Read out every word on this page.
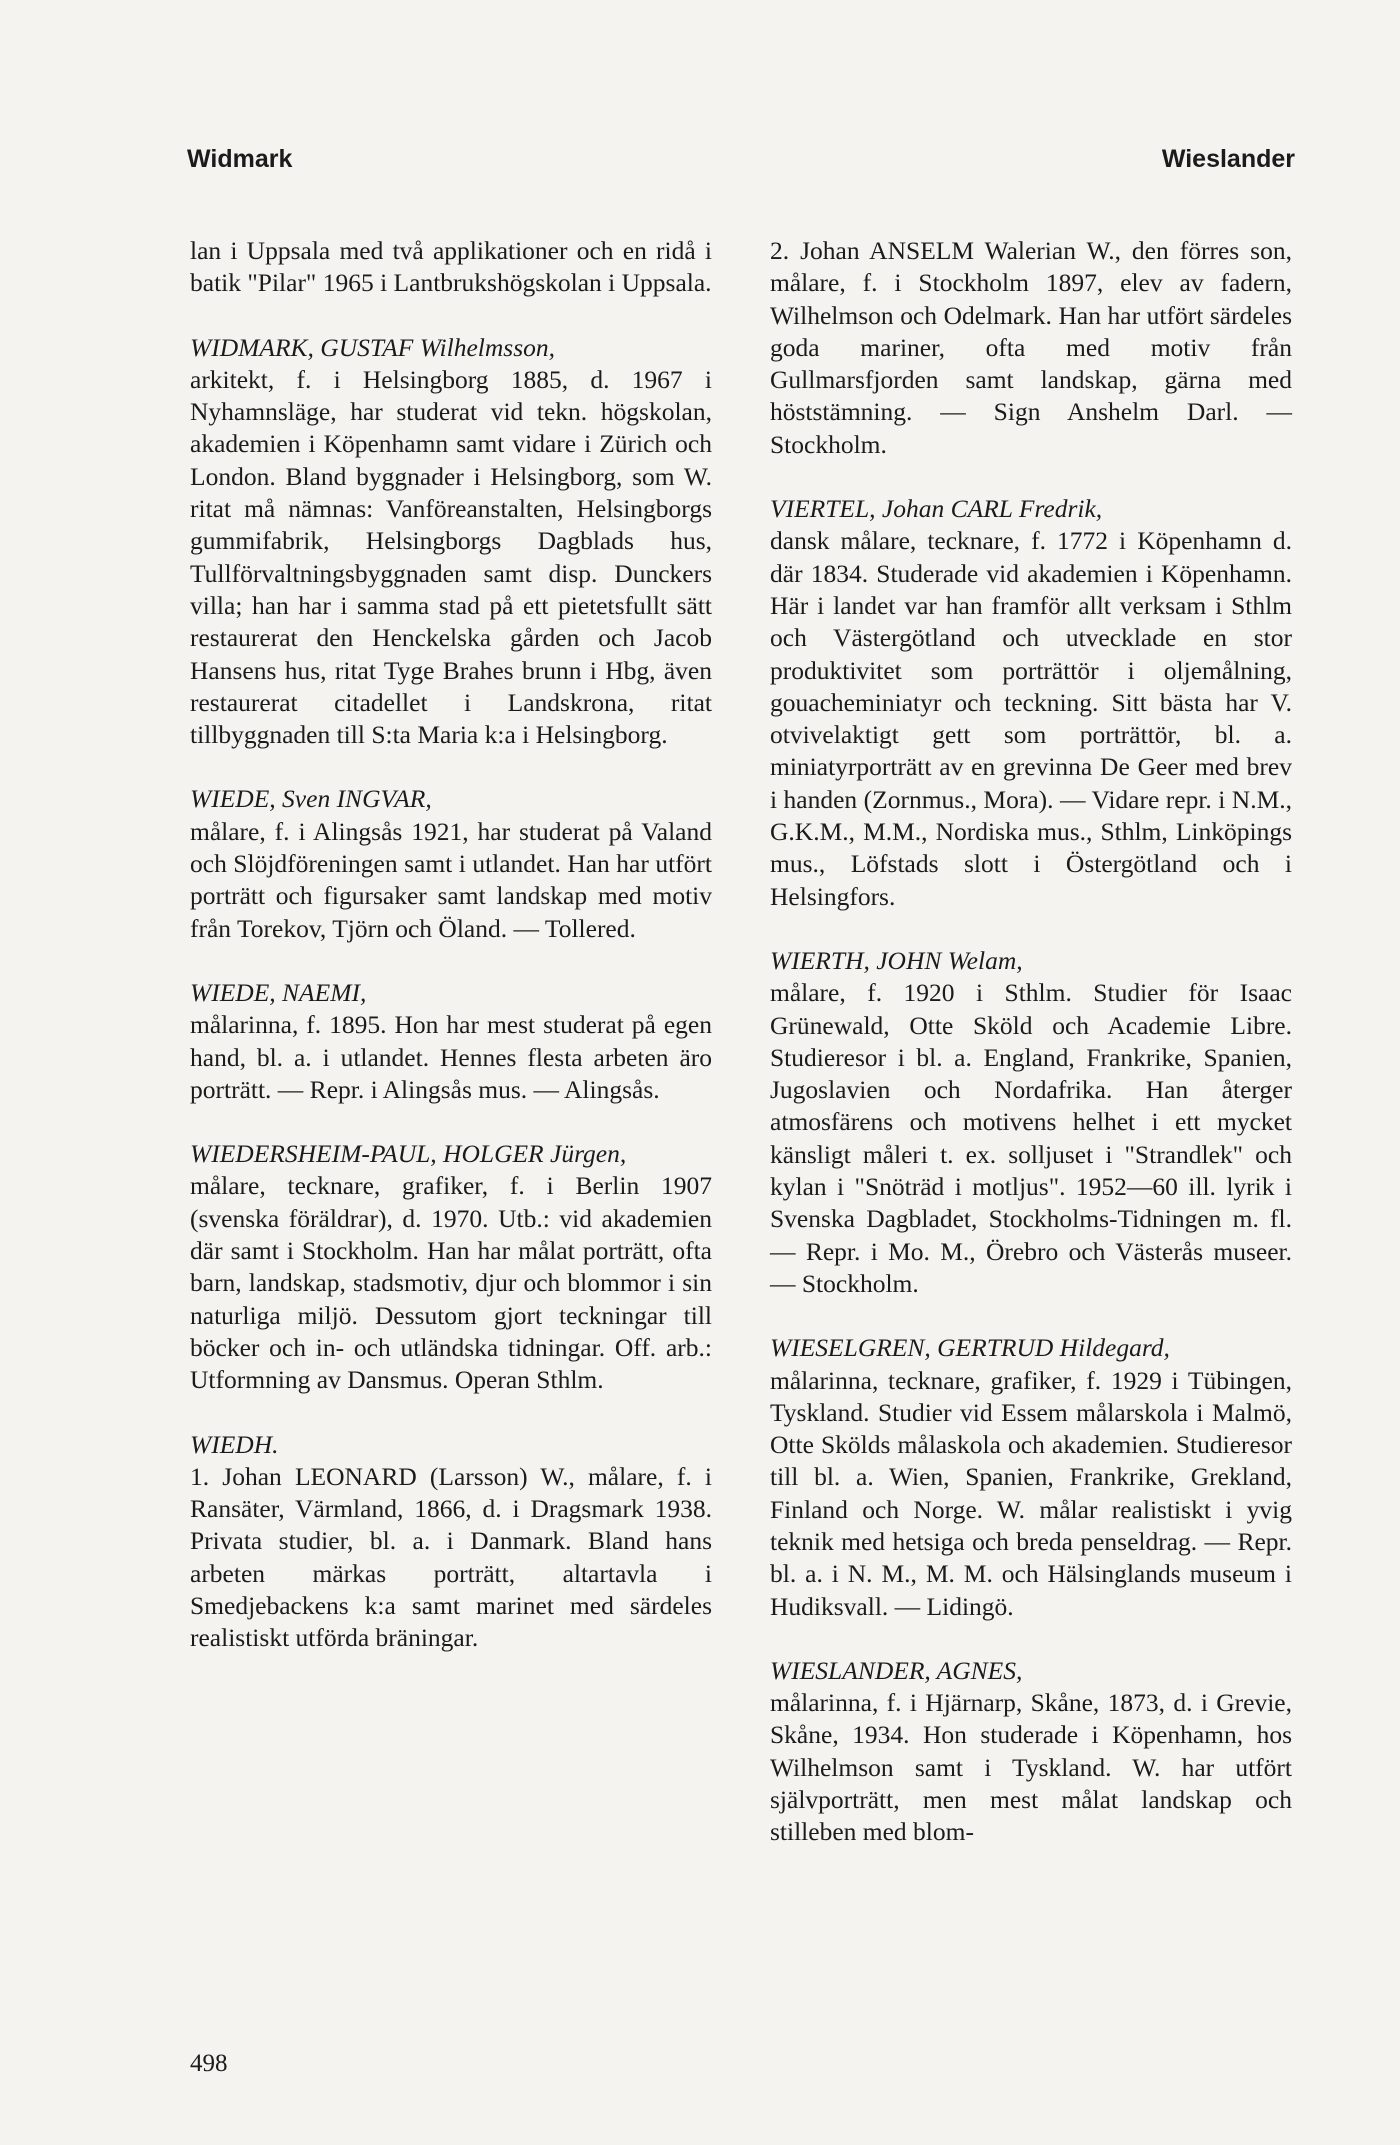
Widmark	Wieslander

lan i Uppsala med två applikationer och en ridå i batik "Pilar" 1965 i Lantbrukshögskolan i Uppsala.

WIDMARK, GUSTAF Wilhelmsson,
arkitekt, f. i Helsingborg 1885, d. 1967 i Nyhamnsläge, har studerat vid tekn. högskolan, akademien i Köpenhamn samt vidare i Zürich och London. Bland byggnader i Helsingborg, som W. ritat må nämnas: Vanföreanstalten, Helsingborgs gummifabrik, Helsingborgs Dagblads hus, Tullförvaltningsbyggnaden samt disp. Dunckers villa; han har i samma stad på ett pietetsfullt sätt restaurerat den Henckelska gården och Jacob Hansens hus, ritat Tyge Brahes brunn i Hbg, även restaurerat citadellet i Landskrona, ritat tillbyggnaden till S:ta Maria k:a i Helsingborg.
WIEDE, Sven INGVAR,
målare, f. i Alingsås 1921, har studerat på Valand och Slöjdföreningen samt i utlandet. Han har utfört porträtt och figursaker samt landskap med motiv från Torekov, Tjörn och Öland. — Tollered.
WIEDE, NAEMI,
målarinna, f. 1895. Hon har mest studerat på egen hand, bl. a. i utlandet. Hennes flesta arbeten äro porträtt. — Repr. i Alingsås mus. — Alingsås.
WIEDERSHEIM-PAUL, HOLGER Jürgen,
målare, tecknare, grafiker, f. i Berlin 1907 (svenska föräldrar), d. 1970. Utb.: vid akademien där samt i Stockholm. Han har målat porträtt, ofta barn, landskap, stadsmotiv, djur och blommor i sin naturliga miljö. Dessutom gjort teckningar till böcker och in- och utländska tidningar. Off. arb.: Utformning av Dansmus. Operan Sthlm.
WIEDH.
1. Johan LEONARD (Larsson) W., målare, f. i Ransäter, Värmland, 1866, d. i Dragsmark 1938. Privata studier, bl. a. i Danmark. Bland hans arbeten märkas porträtt, altartavla i Smedjebackens k:a samt marinet med särdeles realistiskt utförda bräningar.
2. Johan ANSELM Walerian W., den förres son, målare, f. i Stockholm 1897, elev av fadern, Wilhelmson och Odelmark. Han har utfört särdeles goda mariner, ofta med motiv från Gullmarsfjorden samt landskap, gärna med höststämning. — Sign Anshelm Darl. — Stockholm.
VIERTEL, Johan CARL Fredrik,
dansk målare, tecknare, f. 1772 i Köpenhamn d. där 1834. Studerade vid akademien i Köpenhamn. Här i landet var han framför allt verksam i Sthlm och Västergötland och utvecklade en stor produktivitet som porträttör i oljemålning, gouacheminiatyr och teckning. Sitt bästa har V. otvivelaktigt gett som porträttör, bl. a. miniatyrporträtt av en grevinna De Geer med brev i handen (Zornmus., Mora). — Vidare repr. i N.M., G.K.M., M.M., Nordiska mus., Sthlm, Linköpings mus., Löfstads slott i Östergötland och i Helsingfors.
WIERTH, JOHN Welam,
målare, f. 1920 i Sthlm. Studier för Isaac Grünewald, Otte Sköld och Academie Libre. Studieresor i bl. a. England, Frankrike, Spanien, Jugoslavien och Nordafrika. Han återger atmosfärens och motivens helhet i ett mycket känsligt måleri t. ex. solljuset i "Strandlek" och kylan i "Snöträd i motljus". 1952—60 ill. lyrik i Svenska Dagbladet, Stockholms-Tidningen m. fl. — Repr. i Mo. M., Örebro och Västerås museer. — Stockholm.
WIESELGREN, GERTRUD Hildegard,
målarinna, tecknare, grafiker, f. 1929 i Tübingen, Tyskland. Studier vid Essem målarskola i Malmö, Otte Skölds målaskola och akademien. Studieresor till bl. a. Wien, Spanien, Frankrike, Grekland, Finland och Norge. W. målar realistiskt i yvig teknik med hetsiga och breda penseldrag. — Repr. bl. a. i N. M., M. M. och Hälsinglands museum i Hudiksvall. — Lidingö.
WIESLANDER, AGNES,
målarinna, f. i Hjärnarp, Skåne, 1873, d. i Grevie, Skåne, 1934. Hon studerade i Köpenhamn, hos Wilhelmson samt i Tyskland. W. har utfört självporträtt, men mest målat landskap och stilleben med blom-
498
